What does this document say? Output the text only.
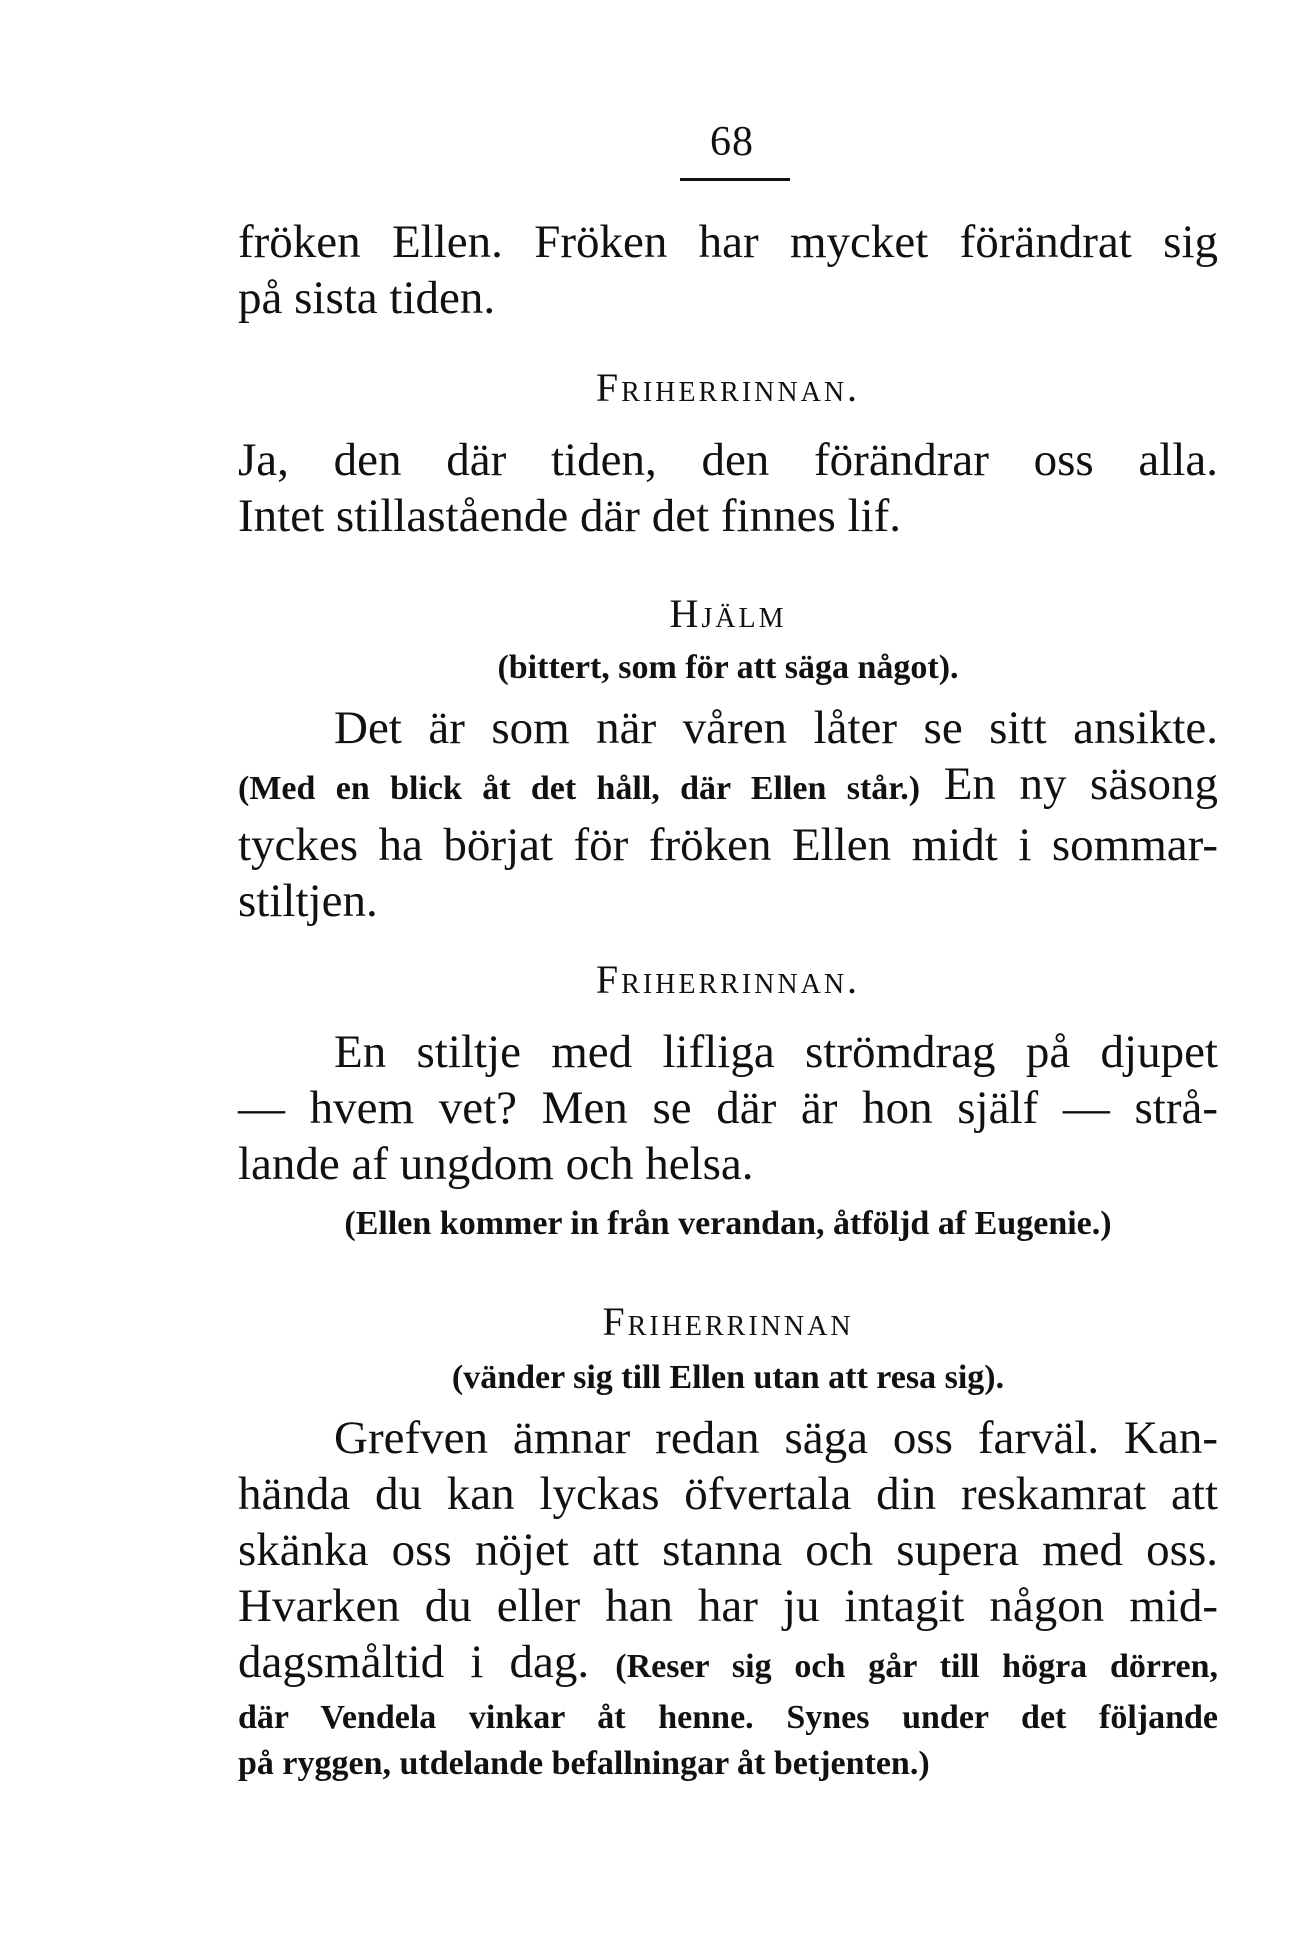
68
fröken Ellen. Fröken har mycket förändrat sig
på sista tiden.
Friherrinnan.
Ja, den där tiden, den förändrar oss alla.
Intet stillastående där det finnes lif.
Hjälm
(bittert, som för att säga något).
Det är som när våren låter se sitt ansikte.
(Med en blick åt det håll, där Ellen står.) En ny säsong
tyckes ha börjat för fröken Ellen midt i sommar-
stiltjen.
Friherrinnan.
En stiltje med lifliga strömdrag på djupet
— hvem vet? Men se där är hon själf — strå-
lande af ungdom och helsa.
(Ellen kommer in från verandan, åtföljd af Eugenie.)
Friherrinnan
(vänder sig till Ellen utan att resa sig).
Grefven ämnar redan säga oss farväl. Kan-
hända du kan lyckas öfvertala din reskamrat att
skänka oss nöjet att stanna och supera med oss.
Hvarken du eller han har ju intagit någon mid-
dagsmåltid i dag. (Reser sig och går till högra dörren,
där Vendela vinkar åt henne. Synes under det följande
på ryggen, utdelande befallningar åt betjenten.)
